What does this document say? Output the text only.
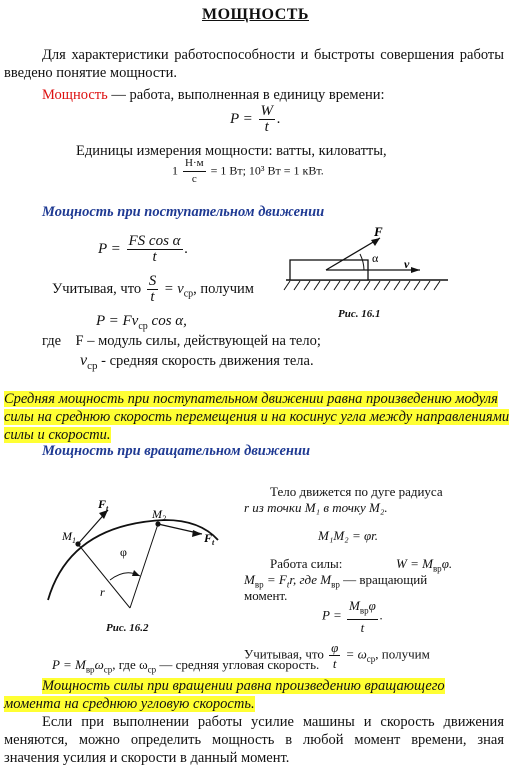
МОЩНОСТЬ
Для характеристики работоспособности и быстроты совершения работы введено понятие мощности.
Мощность — работа, выполненная в единицу времени:
$P = \frac{W}{t}$ .
Единицы измерения мощности: ватты, киловатты,
$1 \frac{Н\cdot м}{с} = 1$ Вт; 10³ Вт = 1 кВт.
Мощность при поступательном движении
$P = \frac{\text{FS cos α}}{t}$ .
Учитывая, что $\frac{S}{t} = v_{ср}$, получим
$P = Fv_{ср}$ cos α,
где F – модуль силы, действующей на тело;
$v_{ср}$ - средняя скорость движения тела.
F
α v
Рис. 16.1
Средняя мощность при поступательном движении равна произведению модуля силы на среднюю скорость перемещения и на косинус угла между направлениями силы и скорости.
Мощность при вращательном движении
$F_t$
$F_t$
$M_1$
$M_2$
φ
r
Рис. 16.2
Тело движется по дуге радиуса
r из точки M₁ в точку M₂.
M₁M₂ = φr.
Работа силы:	$W = M_{вр}\varphi$.
$M_{вр} = F_tr$, где $M_{вр}$ — вращающий
момент.
$P = \frac{M_{вр}\varphi}{t}$ .
Учитывая, что $\frac{\varphi}{t} = \omega_{ср}$, получим
$P = M_{вр}\omega_{ср}$, где $\omega_{ср}$ — средняя угловая скорость.
Мощность силы при вращении равна произведению вращающего момента на среднюю угловую скорость.
Если при выполнении работы усилие машины и скорость движения меняются, можно определить мощность в любой момент времени, зная значения усилия и скорости в данный момент.
